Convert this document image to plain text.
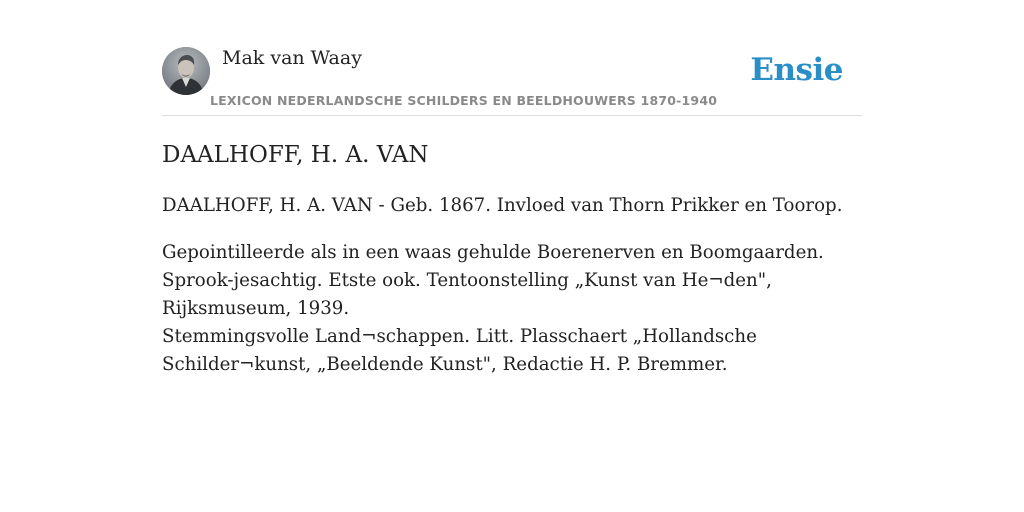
Mak van Waay
LEXICON NEDERLANDSCHE SCHILDERS EN BEELDHOUWERS 1870-1940
Ensie
DAALHOFF, H. A. VAN

DAALHOFF, H. A. VAN - Geb. 1867. Invloed van Thorn Prikker en Toorop.

Gepointilleerde als in een waas gehulde Boerenerven en Boomgaarden. Sprook-jesachtig. Etste ook. Tentoonstelling „Kunst van He¬den", Rijksmuseum, 1939.

Stemmingsvolle Land¬schappen. Litt. Plasschaert „Hollandsche Schilder¬kunst, „Beeldende Kunst", Redactie H. P. Bremmer.
